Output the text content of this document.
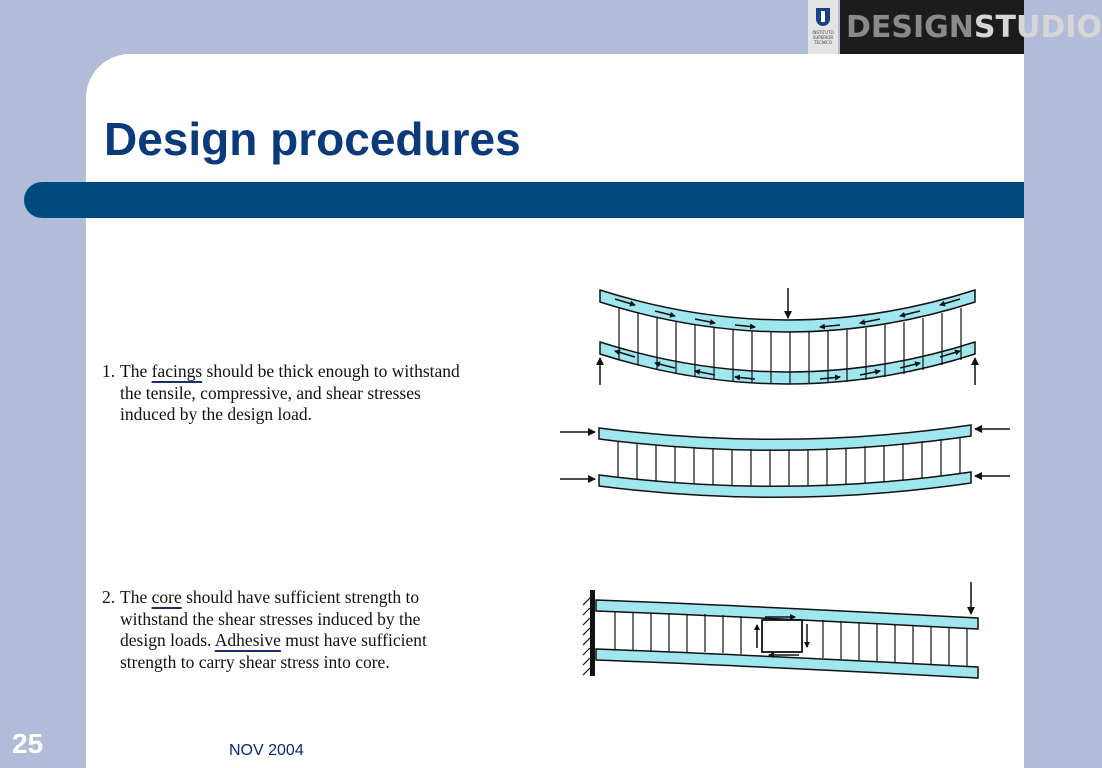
INSTITUTO SUPERIOR TECNICO DESIGN STUDIO
Design procedures
1. The facings should be thick enough to withstand
the tensile, compressive, and shear stresses
induced by the design load.
2. The core should have sufficient strength to
withstand the shear stresses induced by the
design loads. Adhesive must have sufficient
strength to carry shear stress into core.
25	NOV 2004
